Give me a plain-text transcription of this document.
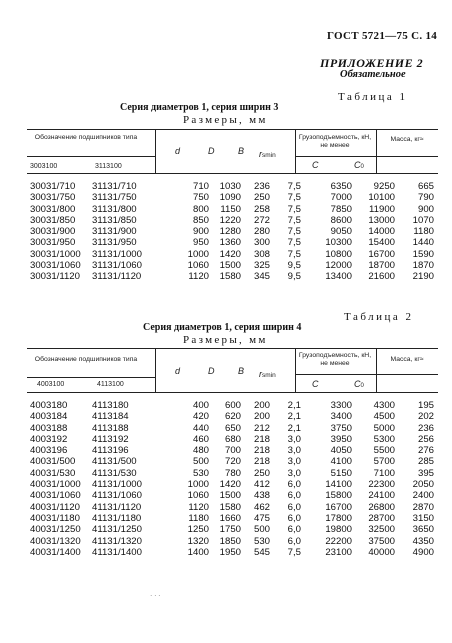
ГОСТ 5721—75 С. 14
ПРИЛОЖЕНИЕ 2
Обязательное
Таблица 1
Серия диаметров 1, серия ширин 3
Размеры, мм
Обозначение подшипников типа
3003100	3113100
d	D	B rsmin
Грузоподъемность, кН, не менее
C	C0
Масса, кг≈
30031/710	31131/710	710	1030	236	7,5	6350	9250	665
30031/750	31131/750	750	1090	250	7,5	7000	10100	790
30031/800	31131/800	800	1150	258	7,5	7850	11900	900
30031/850	31131/850	850	1220	272	7,5	8600	13000	1070
30031/900	31131/900	900	1280	280	7,5	9050	14000	1180
30031/950	31131/950	950	1360	300	7,5	10300	15400	1440
30031/1000	31131/1000	1000	1420	308	7,5	10800	16700	1590
30031/1060	31131/1060	1060	1500	325	9,5	12000	18700	1870
30031/1120	31131/1120	1120	1580	345	9,5	13400	21600	2190
Таблица 2
Серия диаметров 1, серия ширин 4
Размеры, мм
Обозначение подшипников типа
4003100	4113100
d	D	B rsmin
Грузоподъемность, кН, не менее
C	C0
Масса, кг≈
4003180	4113180	400	600	200	2,1	3300	4300	195
4003184	4113184	420	620	200	2,1	3400	4500	202
4003188	4113188	440	650	212	2,1	3750	5000	236
4003192	4113192	460	680	218	3,0	3950	5300	256
4003196	4113196	480	700	218	3,0	4050	5500	276
40031/500	41131/500	500	720	218	3,0	4100	5700	285
40031/530	41131/530	530	780	250	3,0	5150	7100	395
40031/1000	41131/1000	1000	1420	412	6,0	14100	22300	2050
40031/1060	41131/1060	1060	1500	438	6,0	15800	24100	2400
40031/1120	41131/1120	1120	1580	462	6,0	16700	26800	2870
40031/1180	41131/1180	1180	1660	475	6,0	17800	28700	3150
40031/1250	41131/1250	1250	1750	500	6,0	19800	32500	3650
40031/1320	41131/1320	1320	1850	530	6,0	22200	37500	4350
40031/1400	41131/1400	1400	1950	545	7,5	23100	40000	4900
· · ·
